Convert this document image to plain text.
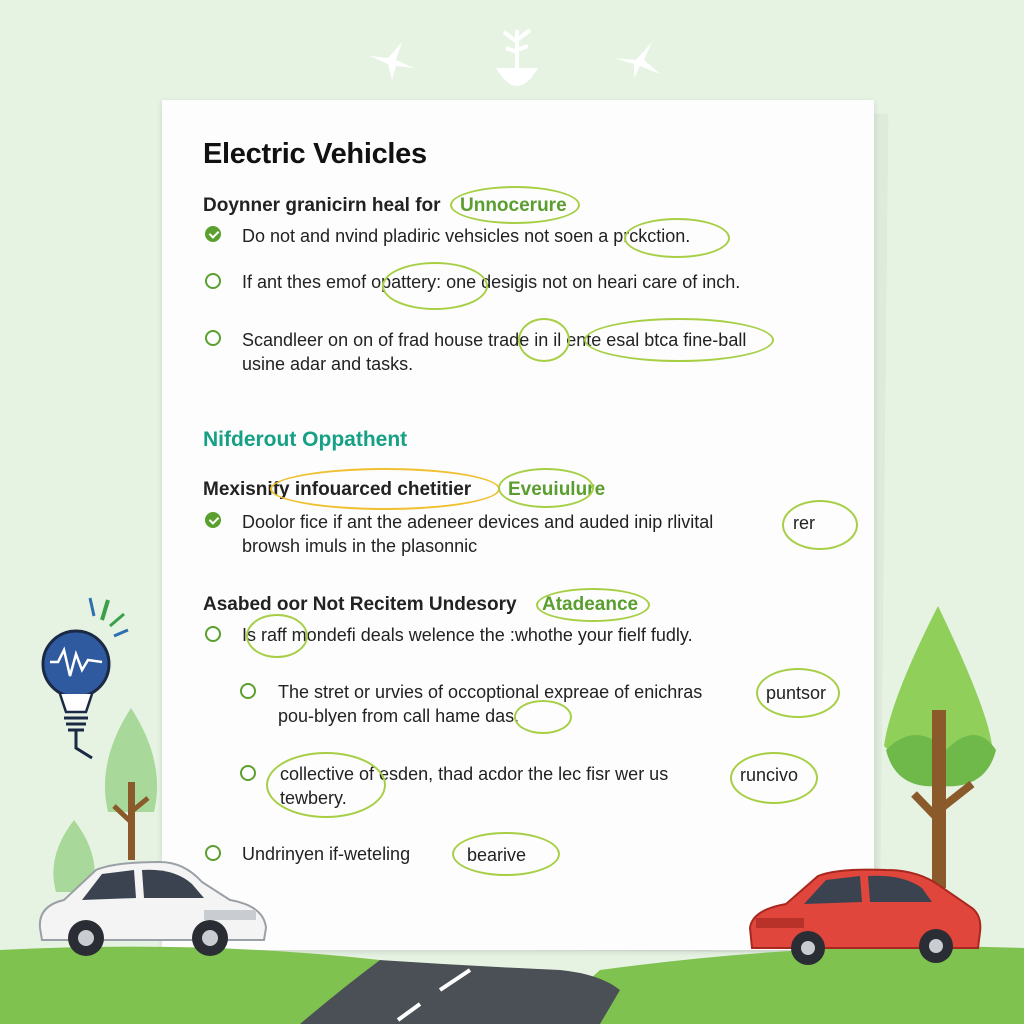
Electric Vehicles
Doynner granicirn heal for Unnocerure
Do not and nvind pladiric vehsicles not soen a prckction.
If ant thes emof opattery: one desigis not on heari care of inch.
Scandleer on on of frad house trade in il ente esal btca fine-ball
usine adar and tasks.
Nifderout Oppathent
Mexisnify infouarced chetitier Eveuiulure
Doolor fice if ant the adeneer devices and auded inip rlivital
browsh imuls in the plasonnic
rer
Asabed oor Not Recitem Undesory Atadeance
Is raff mondefi deals welence the :whothe your fielf fudly.
The stret or urvies of occoptional expreae of enichras
pou-blyen from call hame das.
puntsor
collective of esden, thad acdor the lec fisr wer us
tewbery.
runcivo
Undrinyen if-weteling	bearive
